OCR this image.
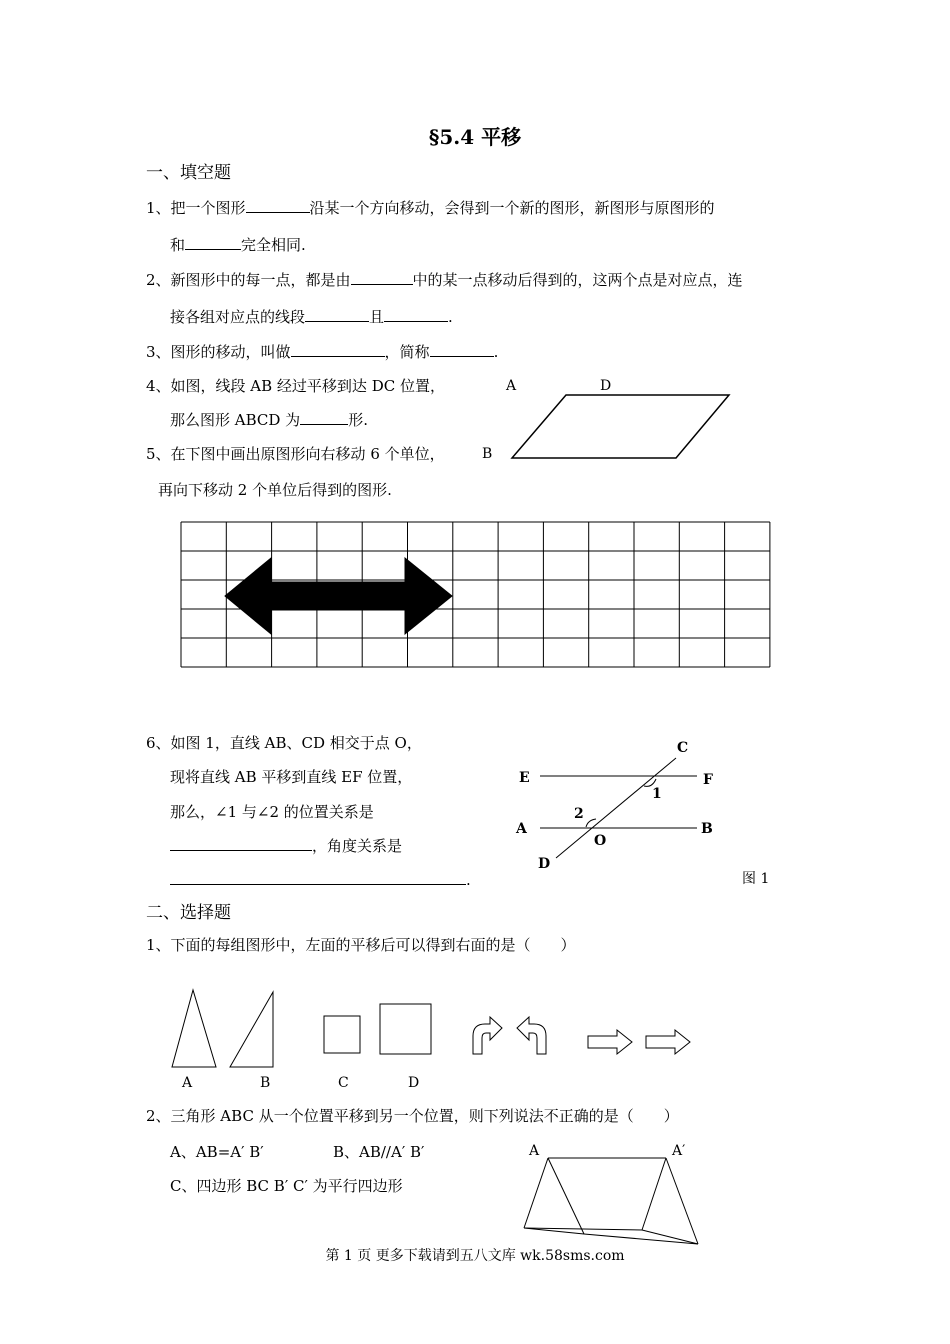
§5.4 平移
一、填空题
1、把一个图形	沿某一个方向移动，会得到一个新的图形，新图形与原图形的
和	完全相同.
2、新图形中的每一点，都是由	中的某一点移动后得到的，这两个点是对应点，连
接各组对应点的线段	且	.
3、图形的移动，叫做	，简称	.
4、如图，线段 AB 经过平移到达 DC 位置，
那么图形 ABCD 为	形.
A	D
B
5、在下图中画出原图形向右移动 6 个单位，
再向下移动 2 个单位后得到的图形.
6、如图 1，直线 AB、CD 相交于点 O，
现将直线 AB 平移到直线 EF 位置，
那么，∠1 与∠2 的位置关系是
，角度关系是
.
C
E	F
1
2
A	B
O
D
图 1
二、选择题
1、下面的每组图形中，左面的平移后可以得到右面的是（　　）
A	B	C	D
2、三角形 ABC 从一个位置平移到另一个位置，则下列说法不正确的是（　　）
A、AB=A′ B′	B、AB//A′ B′
C、四边形 BC B′ C′ 为平行四边形
A	A′
第 1 页 更多下载请到五八文库 wk.58sms.com
